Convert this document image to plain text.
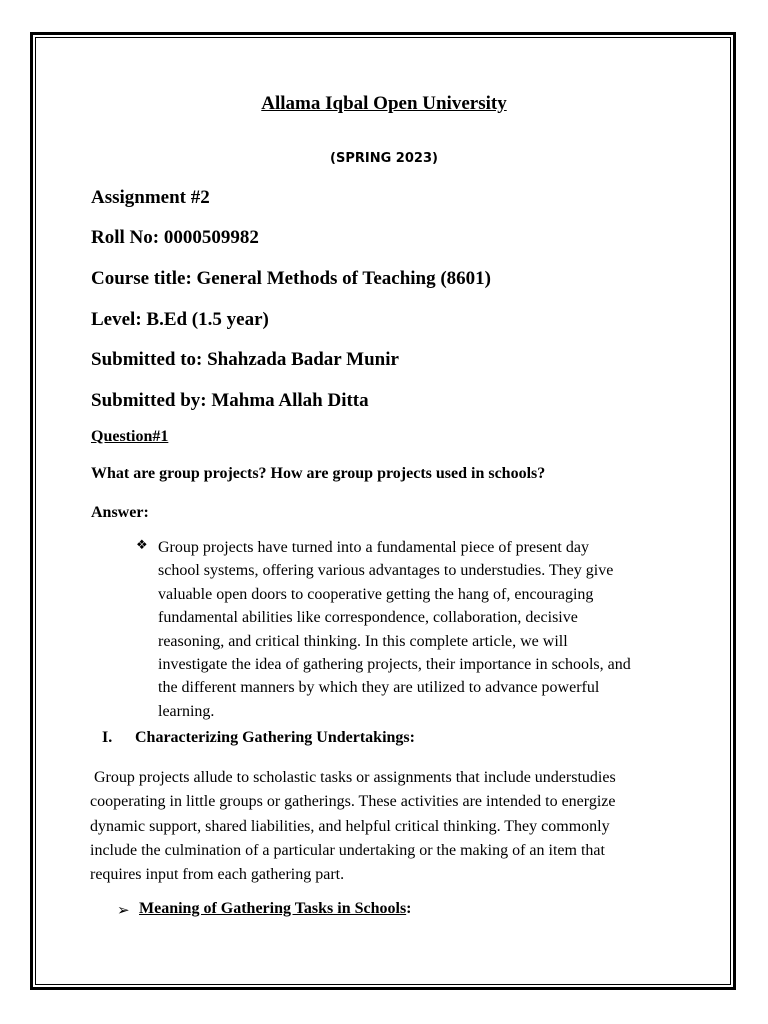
Allama Iqbal Open University
(SPRING 2023)
Assignment #2
Roll No: 0000509982
Course title: General Methods of Teaching (8601)
Level: B.Ed (1.5 year)
Submitted to: Shahzada Badar Munir
Submitted by: Mahma Allah Ditta
Question#1
What are group projects? How are group projects used in schools?
Answer:
❖ Group projects have turned into a fundamental piece of present day
school systems, offering various advantages to understudies. They give
valuable open doors to cooperative getting the hang of, encouraging
fundamental abilities like correspondence, collaboration, decisive
reasoning, and critical thinking. In this complete article, we will
investigate the idea of gathering projects, their importance in schools, and
the different manners by which they are utilized to advance powerful
learning.
I. Characterizing Gathering Undertakings:
Group projects allude to scholastic tasks or assignments that include understudies
cooperating in little groups or gatherings. These activities are intended to energize
dynamic support, shared liabilities, and helpful critical thinking. They commonly
include the culmination of a particular undertaking or the making of an item that
requires input from each gathering part.
➢ Meaning of Gathering Tasks in Schools:
